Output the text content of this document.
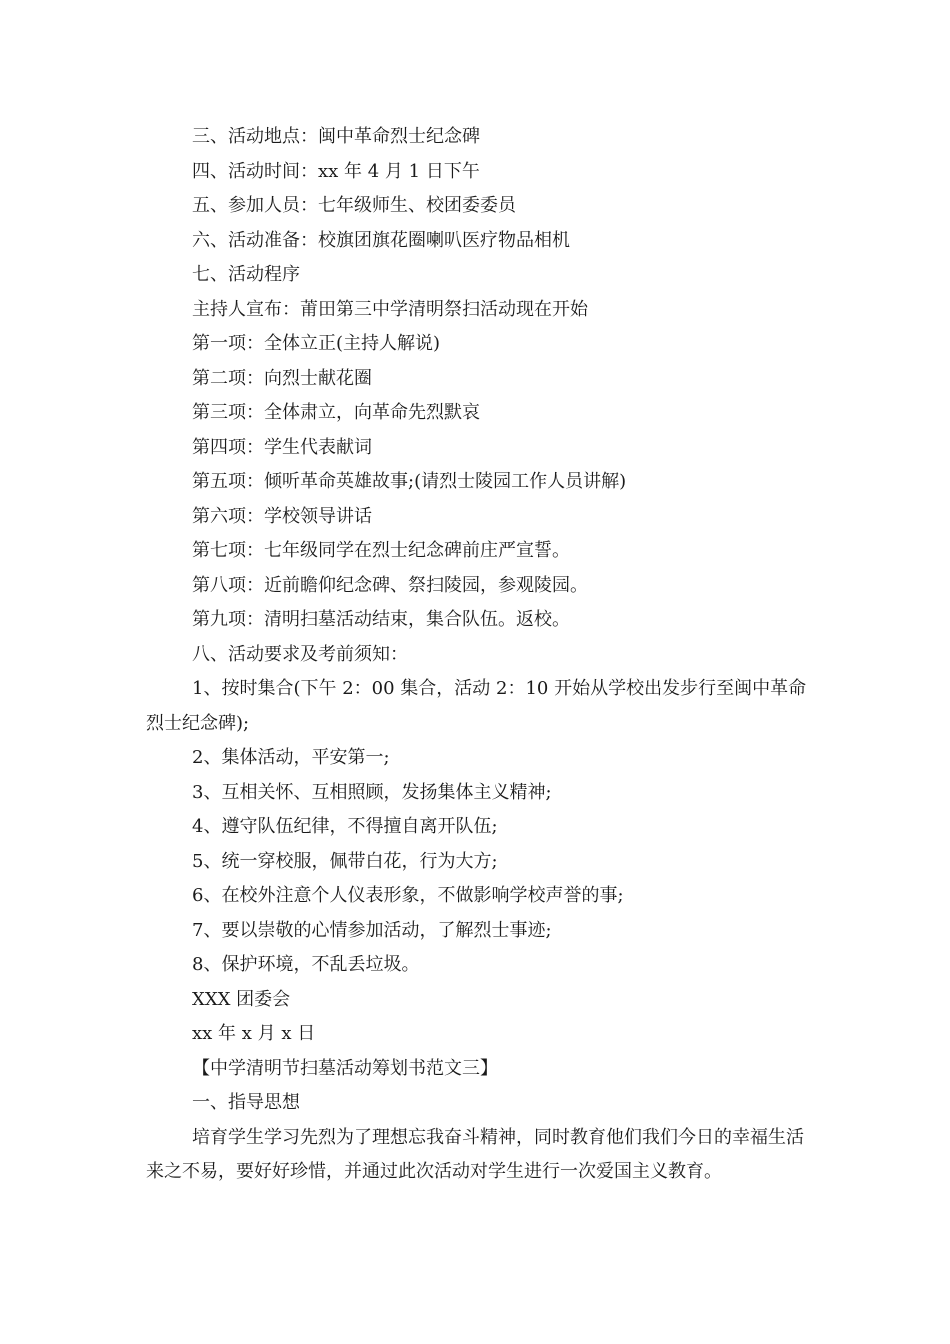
三、活动地点：闽中革命烈士纪念碑
四、活动时间：xx 年 4 月 1 日下午
五、参加人员：七年级师生、校团委委员
六、活动准备：校旗团旗花圈喇叭医疗物品相机
七、活动程序
主持人宣布：莆田第三中学清明祭扫活动现在开始
第一项：全体立正(主持人解说)
第二项：向烈士献花圈
第三项：全体肃立，向革命先烈默哀
第四项：学生代表献词
第五项：倾听革命英雄故事;(请烈士陵园工作人员讲解)
第六项：学校领导讲话
第七项：七年级同学在烈士纪念碑前庄严宣誓。
第八项：近前瞻仰纪念碑、祭扫陵园，参观陵园。
第九项：清明扫墓活动结束，集合队伍。返校。
八、活动要求及考前须知：
1、按时集合(下午 2：00 集合，活动 2：10 开始从学校出发步行至闽中革命烈士纪念碑);
2、集体活动，平安第一;
3、互相关怀、互相照顾，发扬集体主义精神;
4、遵守队伍纪律，不得擅自离开队伍;
5、统一穿校服，佩带白花，行为大方;
6、在校外注意个人仪表形象，不做影响学校声誉的事;
7、要以崇敬的心情参加活动，了解烈士事迹;
8、保护环境，不乱丢垃圾。
XXX 团委会
xx 年 x 月 x 日
【中学清明节扫墓活动筹划书范文三】
一、指导思想
培育学生学习先烈为了理想忘我奋斗精神，同时教育他们我们今日的幸福生活来之不易，要好好珍惜，并通过此次活动对学生进行一次爱国主义教育。
